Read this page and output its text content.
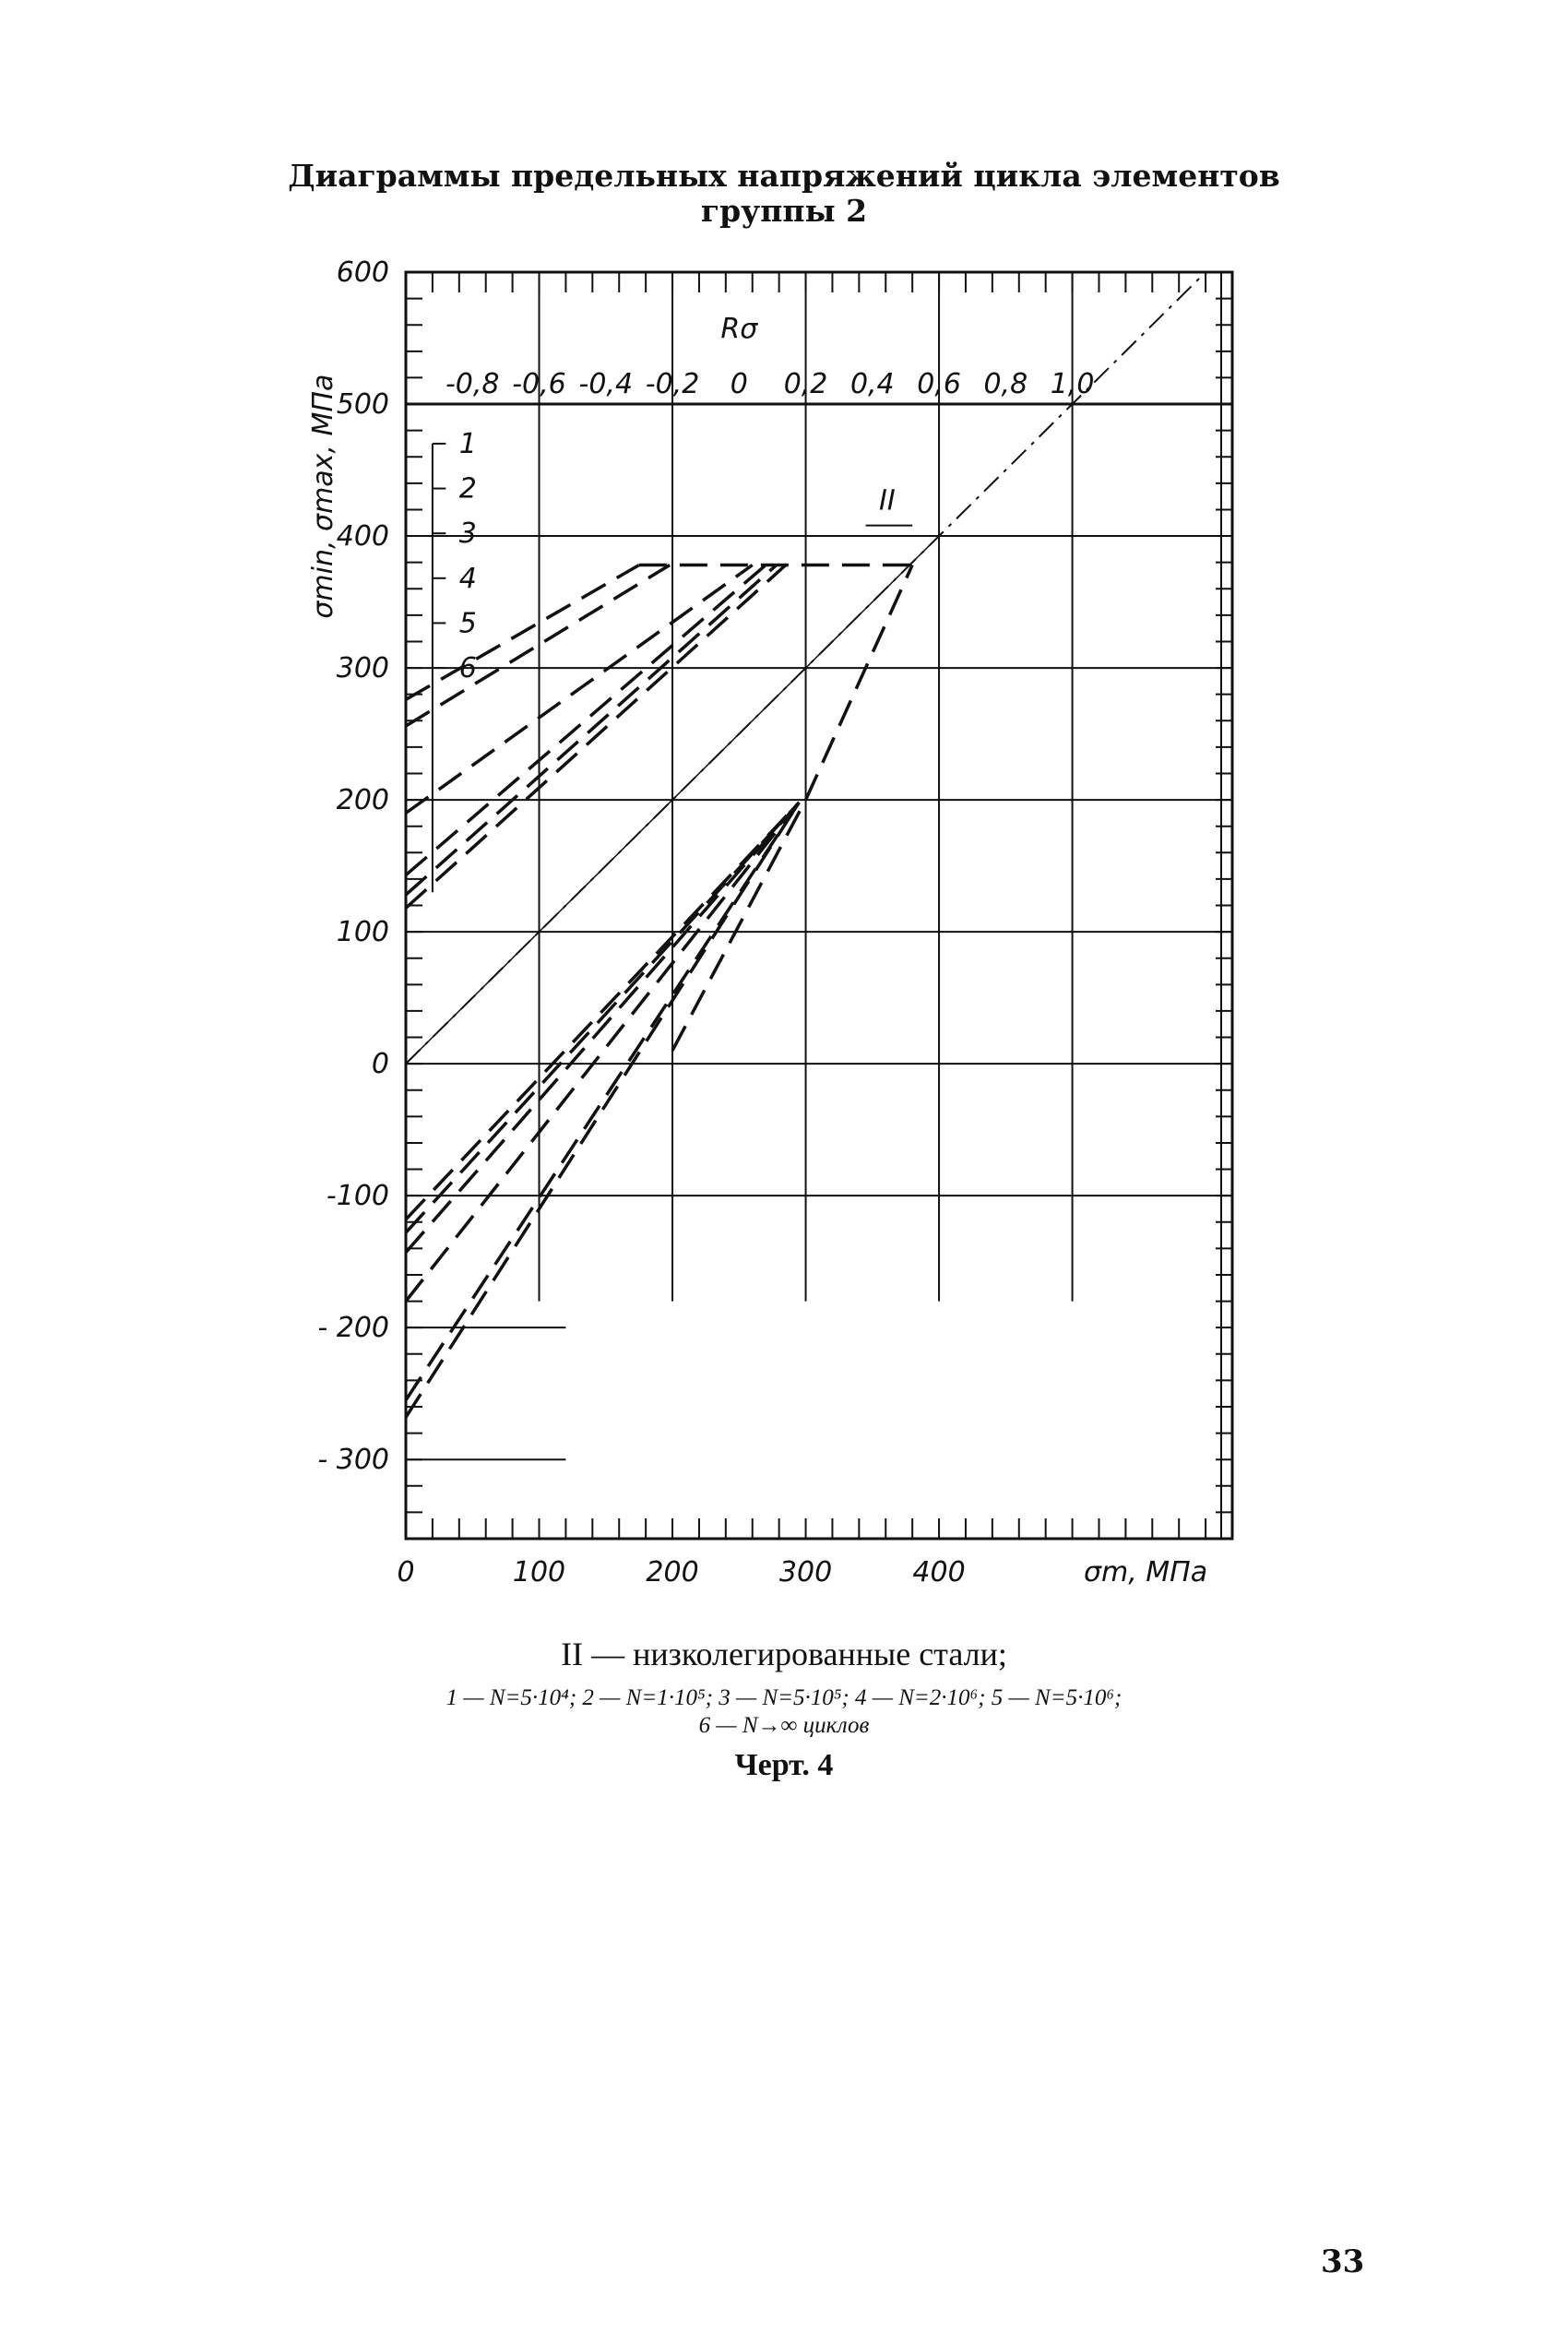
Диаграммы предельных напряжений цикла элементов
группы 2
1
2
3
4
5
6
II
600
500
400
300
200
100
0
-100
- 200
- 300
0	100	200	300	400	σm, МПа
σmin, σmax, МПа
Rσ
-0,8 -0,6 -0,4 -0,2 0 0,2 0,4 0,6 0,8 1,0
II — низколегированные стали;
1 — N=5·10⁴; 2 — N=1·10⁵; 3 — N=5·10⁵; 4 — N=2·10⁶; 5 — N=5·10⁶;
6 — N→∞ циклов
Черт. 4
33
